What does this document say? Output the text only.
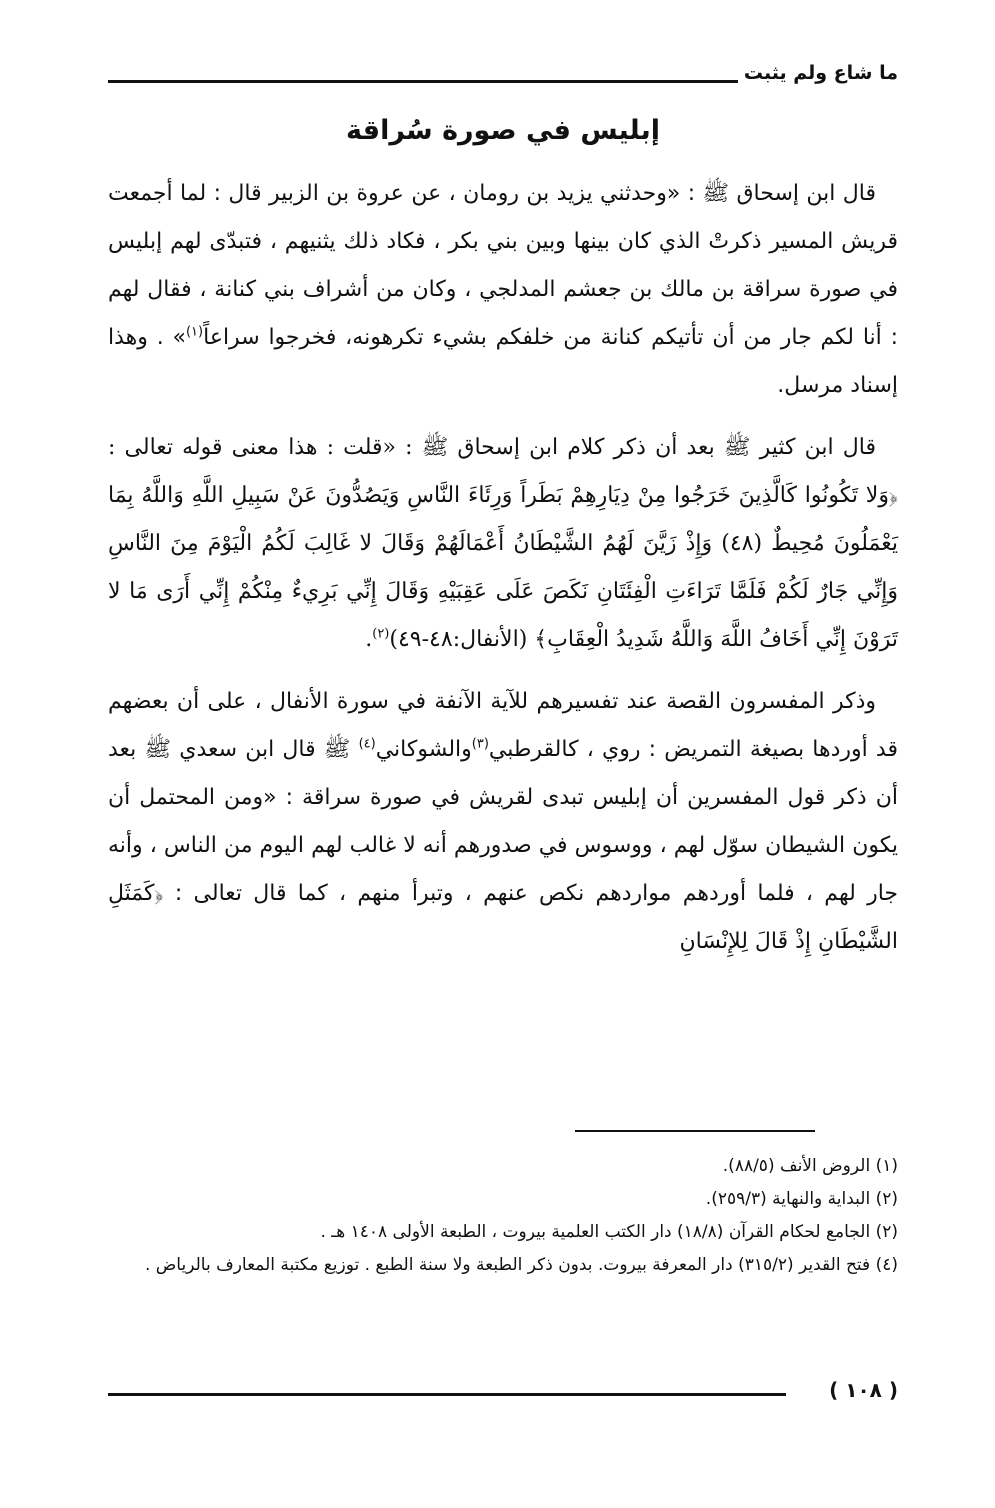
ما شاع ولم يثبت
إبليس في صورة سُراقة

قال ابن إسحاق ﷺ : «وحدثني يزيد بن رومان ، عن عروة بن الزبير قال : لما أجمعت قريش المسير ذكرتْ الذي كان بينها وبين بني بكر ، فكاد ذلك يثنيهم ، فتبدّى لهم إبليس في صورة سراقة بن مالك بن جعشم المدلجي ، وكان من أشراف بني كنانة ، فقال لهم : أنا لكم جار من أن تأتيكم كنانة من خلفكم بشيء تكرهونه، فخرجوا سراعاً$^{(١)}$» . وهذا إسناد مرسل.

قال ابن كثير ﷺ بعد أن ذكر كلام ابن إسحاق ﷺ : «قلت : هذا معنى قوله تعالى : ﴿وَلا تَكُونُوا كَالَّذِينَ خَرَجُوا مِنْ دِيَارِهِمْ بَطَراً وَرِئَاءَ النَّاسِ وَيَصُدُّونَ عَنْ سَبِيلِ اللَّهِ وَاللَّهُ بِمَا يَعْمَلُونَ مُحِيطٌ (٤٨) وَإِذْ زَيَّنَ لَهُمُ الشَّيْطَانُ أَعْمَالَهُمْ وَقَالَ لا غَالِبَ لَكُمُ الْيَوْمَ مِنَ النَّاسِ وَإِنِّي جَارٌ لَكُمْ فَلَمَّا تَرَاءَتِ الْفِئَتَانِ نَكَصَ عَلَى عَقِبَيْهِ وَقَالَ إِنِّي بَرِيءٌ مِنْكُمْ إِنِّي أَرَى مَا لا تَرَوْنَ إِنِّي أَخَافُ اللَّهَ وَاللَّهُ شَدِيدُ الْعِقَابِ﴾ (الأنفال:٤٨-٤٩)$^{(٢)}$.

وذكر المفسرون القصة عند تفسيرهم للآية الآنفة في سورة الأنفال ، على أن بعضهم قد أوردها بصيغة التمريض : روي ، كالقرطبي$^{(٣)}$والشوكاني$^{(٤)}$ ﷺ قال ابن سعدي ﷺ بعد أن ذكر قول المفسرين أن إبليس تبدى لقريش في صورة سراقة : «ومن المحتمل أن يكون الشيطان سوّل لهم ، ووسوس في صدورهم أنه لا غالب لهم اليوم من الناس ، وأنه جار لهم ، فلما أوردهم مواردهم نكص عنهم ، وتبرأ منهم ، كما قال تعالى : ﴿كَمَثَلِ الشَّيْطَانِ إِذْ قَالَ لِلإِنْسَانِ

(١) الروض الأنف (٨٨/٥).

(٢) البداية والنهاية (٢٥٩/٣).

(٢) الجامع لحكام القرآن (١٨/٨) دار الكتب العلمية بيروت ، الطبعة الأولى ١٤٠٨ هـ .

(٤) فتح القدير (٣١٥/٢) دار المعرفة بيروت. بدون ذكر الطبعة ولا سنة الطبع . توزيع مكتبة المعارف بالرياض .

( ١٠٨ )
